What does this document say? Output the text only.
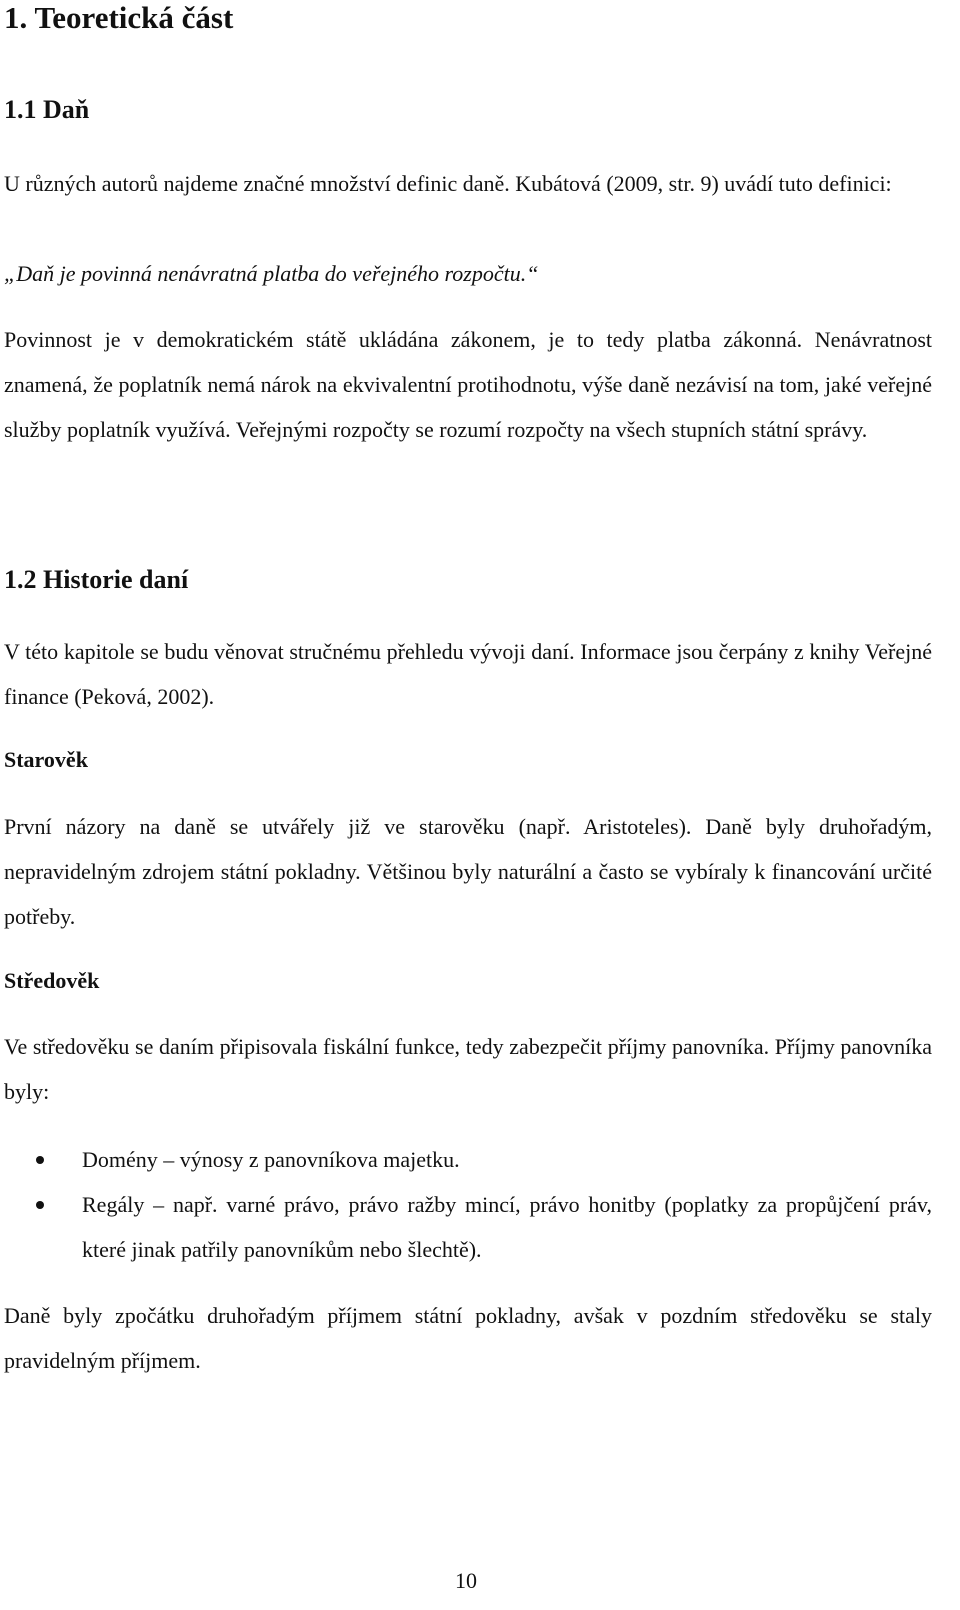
1. Teoretická část
1.1 Daň

U různých autorů najdeme značné množství definic daně. Kubátová (2009, str. 9) uvádí tuto definici:

„Daň je povinná nenávratná platba do veřejného rozpočtu.“

Povinnost je v demokratickém státě ukládána zákonem, je to tedy platba zákonná. Nenávratnost znamená, že poplatník nemá nárok na ekvivalentní protihodnotu, výše daně nezávisí na tom, jaké veřejné služby poplatník využívá. Veřejnými rozpočty se rozumí rozpočty na všech stupních státní správy.

1.2 Historie daní

V této kapitole se budu věnovat stručnému přehledu vývoji daní. Informace jsou čerpány z knihy Veřejné finance (Peková, 2002).

Starověk

První názory na daně se utvářely již ve starověku (např. Aristoteles). Daně byly druhořadým, nepravidelným zdrojem státní pokladny. Většinou byly naturální a často se vybíraly k financování určité potřeby.

Středověk

Ve středověku se daním připisovala fiskální funkce, tedy zabezpečit příjmy panovníka. Příjmy panovníka byly:

Domény – výnosy z panovníkova majetku.
Regály – např. varné právo, právo ražby mincí, právo honitby (poplatky za propůjčení práv, které jinak patřily panovníkům nebo šlechtě).

Daně byly zpočátku druhořadým příjmem státní pokladny, avšak v pozdním středověku se staly pravidelným příjmem.

10
